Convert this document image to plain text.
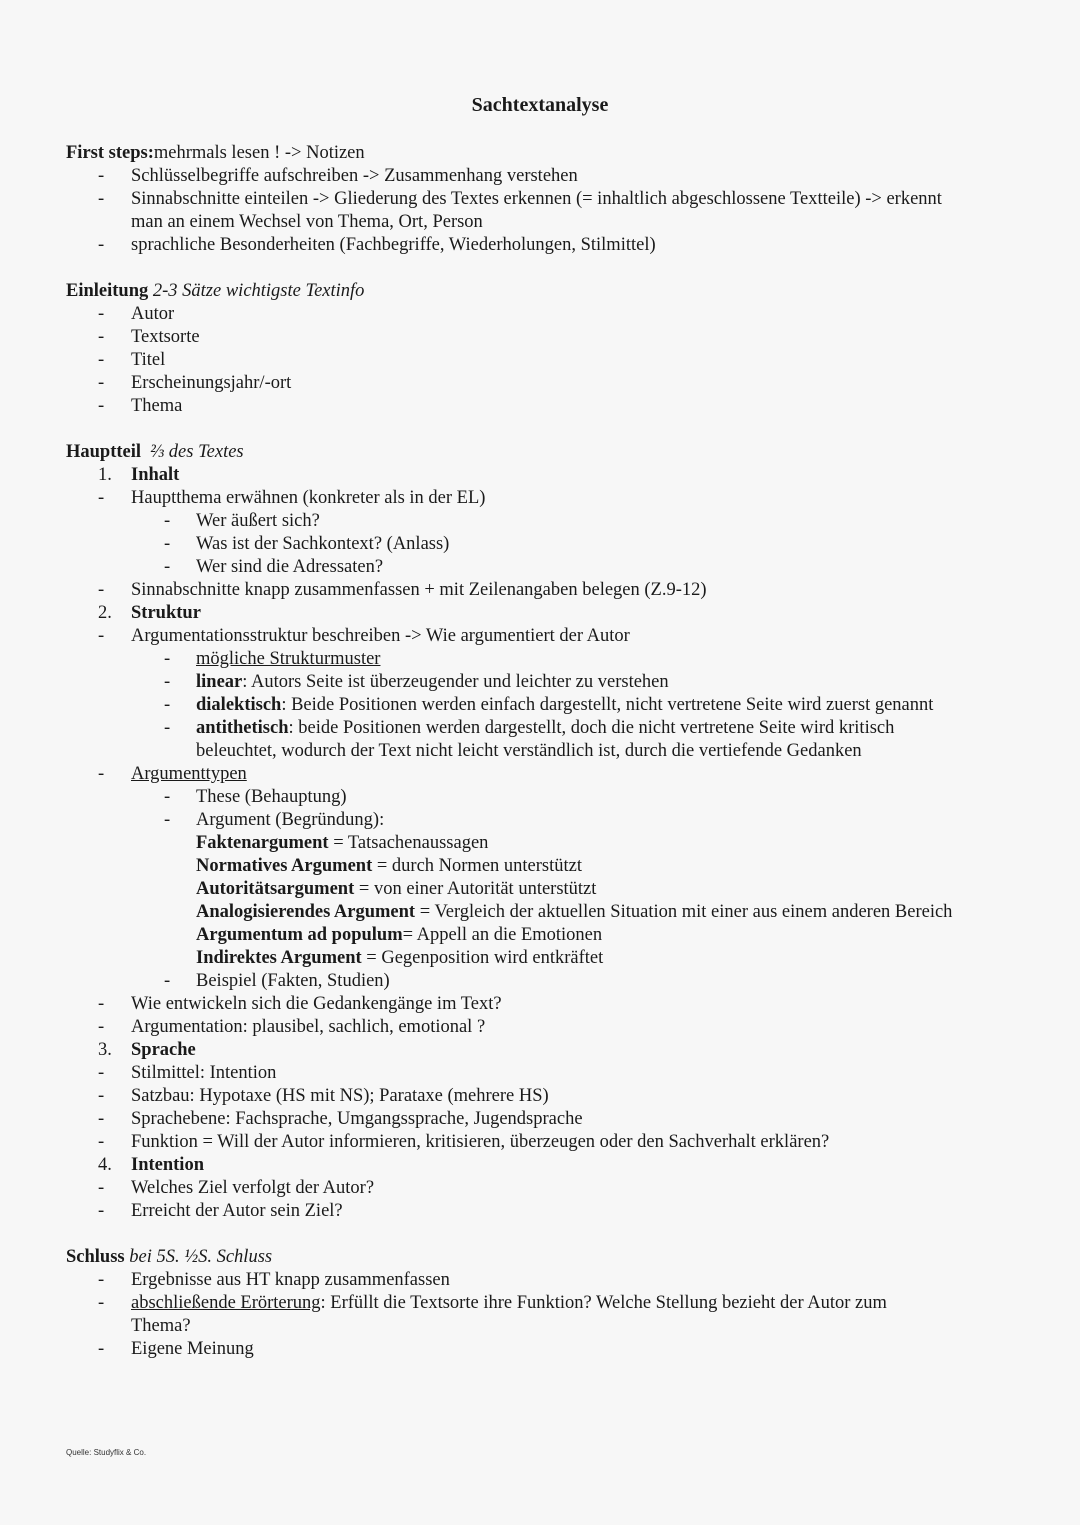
Sachtextanalyse
First steps:mehrmals lesen ! -> Notizen
- Schlüsselbegriffe aufschreiben -> Zusammenhang verstehen
- Sinnabschnitte einteilen -> Gliederung des Textes erkennen (= inhaltlich abgeschlossene Textteile) -> erkennt
man an einem Wechsel von Thema, Ort, Person
- sprachliche Besonderheiten (Fachbegriffe, Wiederholungen, Stilmittel)
Einleitung 2-3 Sätze wichtigste Textinfo
- Autor
- Textsorte
- Titel
- Erscheinungsjahr/-ort
- Thema
Hauptteil ⅔ des Textes
1. Inhalt
- Hauptthema erwähnen (konkreter als in der EL)
- Wer äußert sich?
- Was ist der Sachkontext? (Anlass)
- Wer sind die Adressaten?
- Sinnabschnitte knapp zusammenfassen + mit Zeilenangaben belegen (Z.9-12)
2. Struktur
- Argumentationsstruktur beschreiben -> Wie argumentiert der Autor
- mögliche Strukturmuster
- linear: Autors Seite ist überzeugender und leichter zu verstehen
- dialektisch: Beide Positionen werden einfach dargestellt, nicht vertretene Seite wird zuerst genannt
- antithetisch: beide Positionen werden dargestellt, doch die nicht vertretene Seite wird kritisch
beleuchtet, wodurch der Text nicht leicht verständlich ist, durch die vertiefende Gedanken
- Argumenttypen
- These (Behauptung)
- Argument (Begründung):
Faktenargument = Tatsachenaussagen
Normatives Argument = durch Normen unterstützt
Autoritätsargument = von einer Autorität unterstützt
Analogisierendes Argument = Vergleich der aktuellen Situation mit einer aus einem anderen Bereich
Argumentum ad populum= Appell an die Emotionen
Indirektes Argument = Gegenposition wird entkräftet
- Beispiel (Fakten, Studien)
- Wie entwickeln sich die Gedankengänge im Text?
- Argumentation: plausibel, sachlich, emotional ?
3. Sprache
- Stilmittel: Intention
- Satzbau: Hypotaxe (HS mit NS); Parataxe (mehrere HS)
- Sprachebene: Fachsprache, Umgangssprache, Jugendsprache
- Funktion = Will der Autor informieren, kritisieren, überzeugen oder den Sachverhalt erklären?
4. Intention
- Welches Ziel verfolgt der Autor?
- Erreicht der Autor sein Ziel?
Schluss bei 5S. ½S. Schluss
- Ergebnisse aus HT knapp zusammenfassen
- abschließende Erörterung: Erfüllt die Textsorte ihre Funktion? Welche Stellung bezieht der Autor zum
Thema?
- Eigene Meinung
Quelle: Studyflix & Co.
